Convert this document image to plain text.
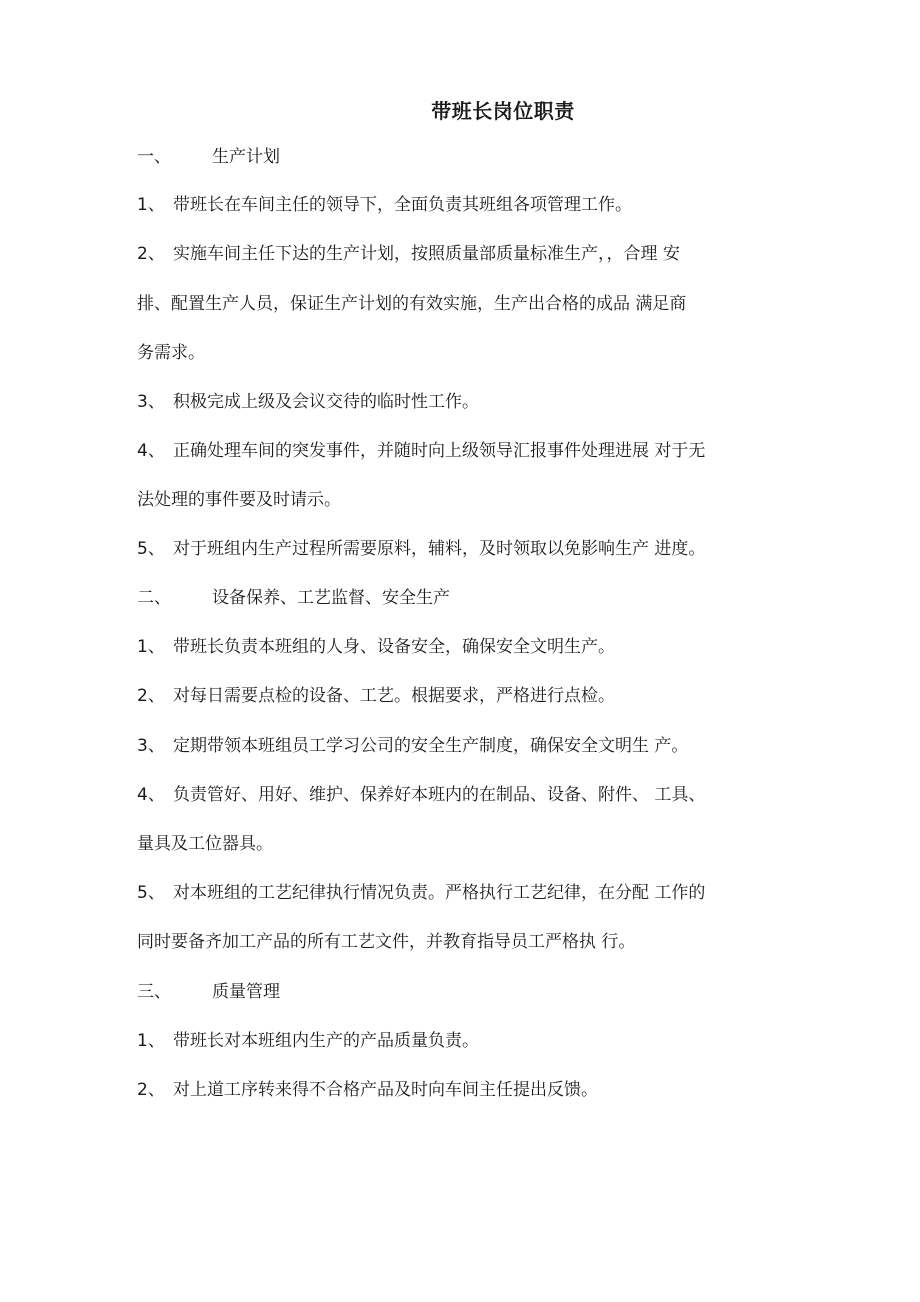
带班长岗位职责
一、 生产计划
1、 带班长在车间主任的领导下，全面负责其班组各项管理工作。
2、 实施车间主任下达的生产计划，按照质量部质量标准生产，，合理 安
排、配置生产人员，保证生产计划的有效实施，生产出合格的成品 满足商
务需求。
3、 积极完成上级及会议交待的临时性工作。
4、 正确处理车间的突发事件，并随时向上级领导汇报事件处理进展 对于无
法处理的事件要及时请示。
5、 对于班组内生产过程所需要原料，辅料，及时领取以免影响生产 进度。
二、 设备保养、工艺监督、安全生产
1、 带班长负责本班组的人身、设备安全，确保安全文明生产。
2、 对每日需要点检的设备、工艺。根据要求，严格进行点检。
3、 定期带领本班组员工学习公司的安全生产制度，确保安全文明生 产。
4、 负责管好、用好、维护、保养好本班内的在制品、设备、附件、 工具、
量具及工位器具。
5、 对本班组的工艺纪律执行情况负责。严格执行工艺纪律，在分配 工作的
同时要备齐加工产品的所有工艺文件，并教育指导员工严格执 行。
三、 质量管理
1、 带班长对本班组内生产的产品质量负责。
2、 对上道工序转来得不合格产品及时向车间主任提出反馈。
